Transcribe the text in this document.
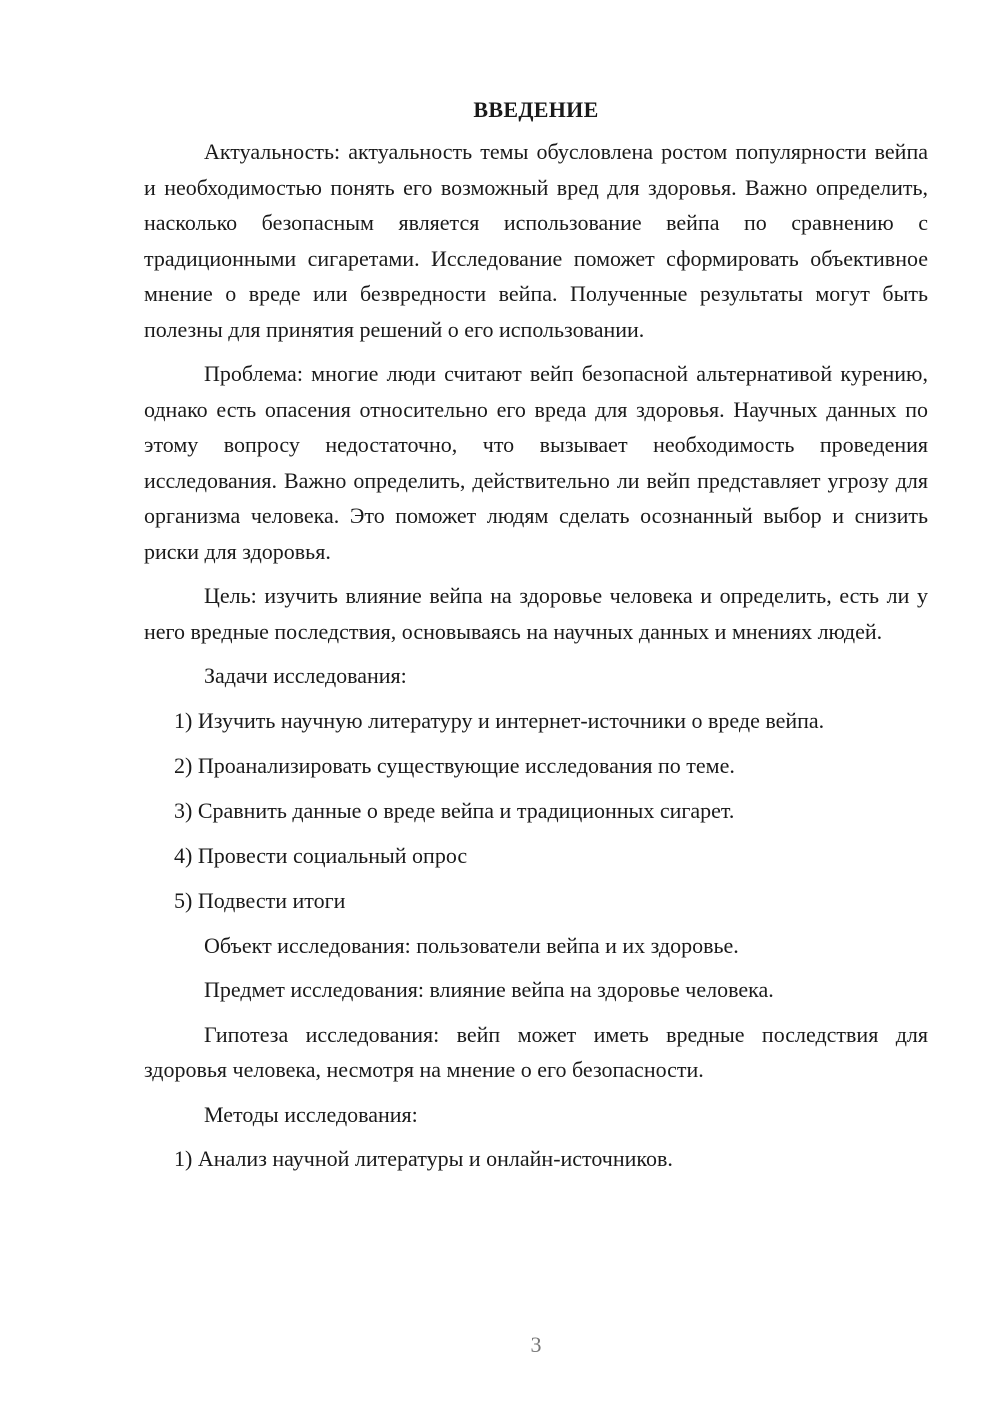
ВВЕДЕНИЕ

Актуальность: актуальность темы обусловлена ростом популярности вейпа и необходимостью понять его возможный вред для здоровья. Важно определить, насколько безопасным является использование вейпа по сравнению с традиционными сигаретами. Исследование поможет сформировать объективное мнение о вреде или безвредности вейпа. Полученные результаты могут быть полезны для принятия решений о его использовании.

Проблема: многие люди считают вейп безопасной альтернативой курению, однако есть опасения относительно его вреда для здоровья. Научных данных по этому вопросу недостаточно, что вызывает необходимость проведения исследования. Важно определить, действительно ли вейп представляет угрозу для организма человека. Это поможет людям сделать осознанный выбор и снизить риски для здоровья.

Цель: изучить влияние вейпа на здоровье человека и определить, есть ли у него вредные последствия, основываясь на научных данных и мнениях людей.

Задачи исследования:

1) Изучить научную литературу и интернет-источники о вреде вейпа.
2) Проанализировать существующие исследования по теме.
3) Сравнить данные о вреде вейпа и традиционных сигарет.
4) Провести социальный опрос
5) Подвести итоги

Объект исследования: пользователи вейпа и их здоровье.

Предмет исследования: влияние вейпа на здоровье человека.

Гипотеза исследования: вейп может иметь вредные последствия для здоровья человека, несмотря на мнение о его безопасности.

Методы исследования:

1) Анализ научной литературы и онлайн-источников.
3
